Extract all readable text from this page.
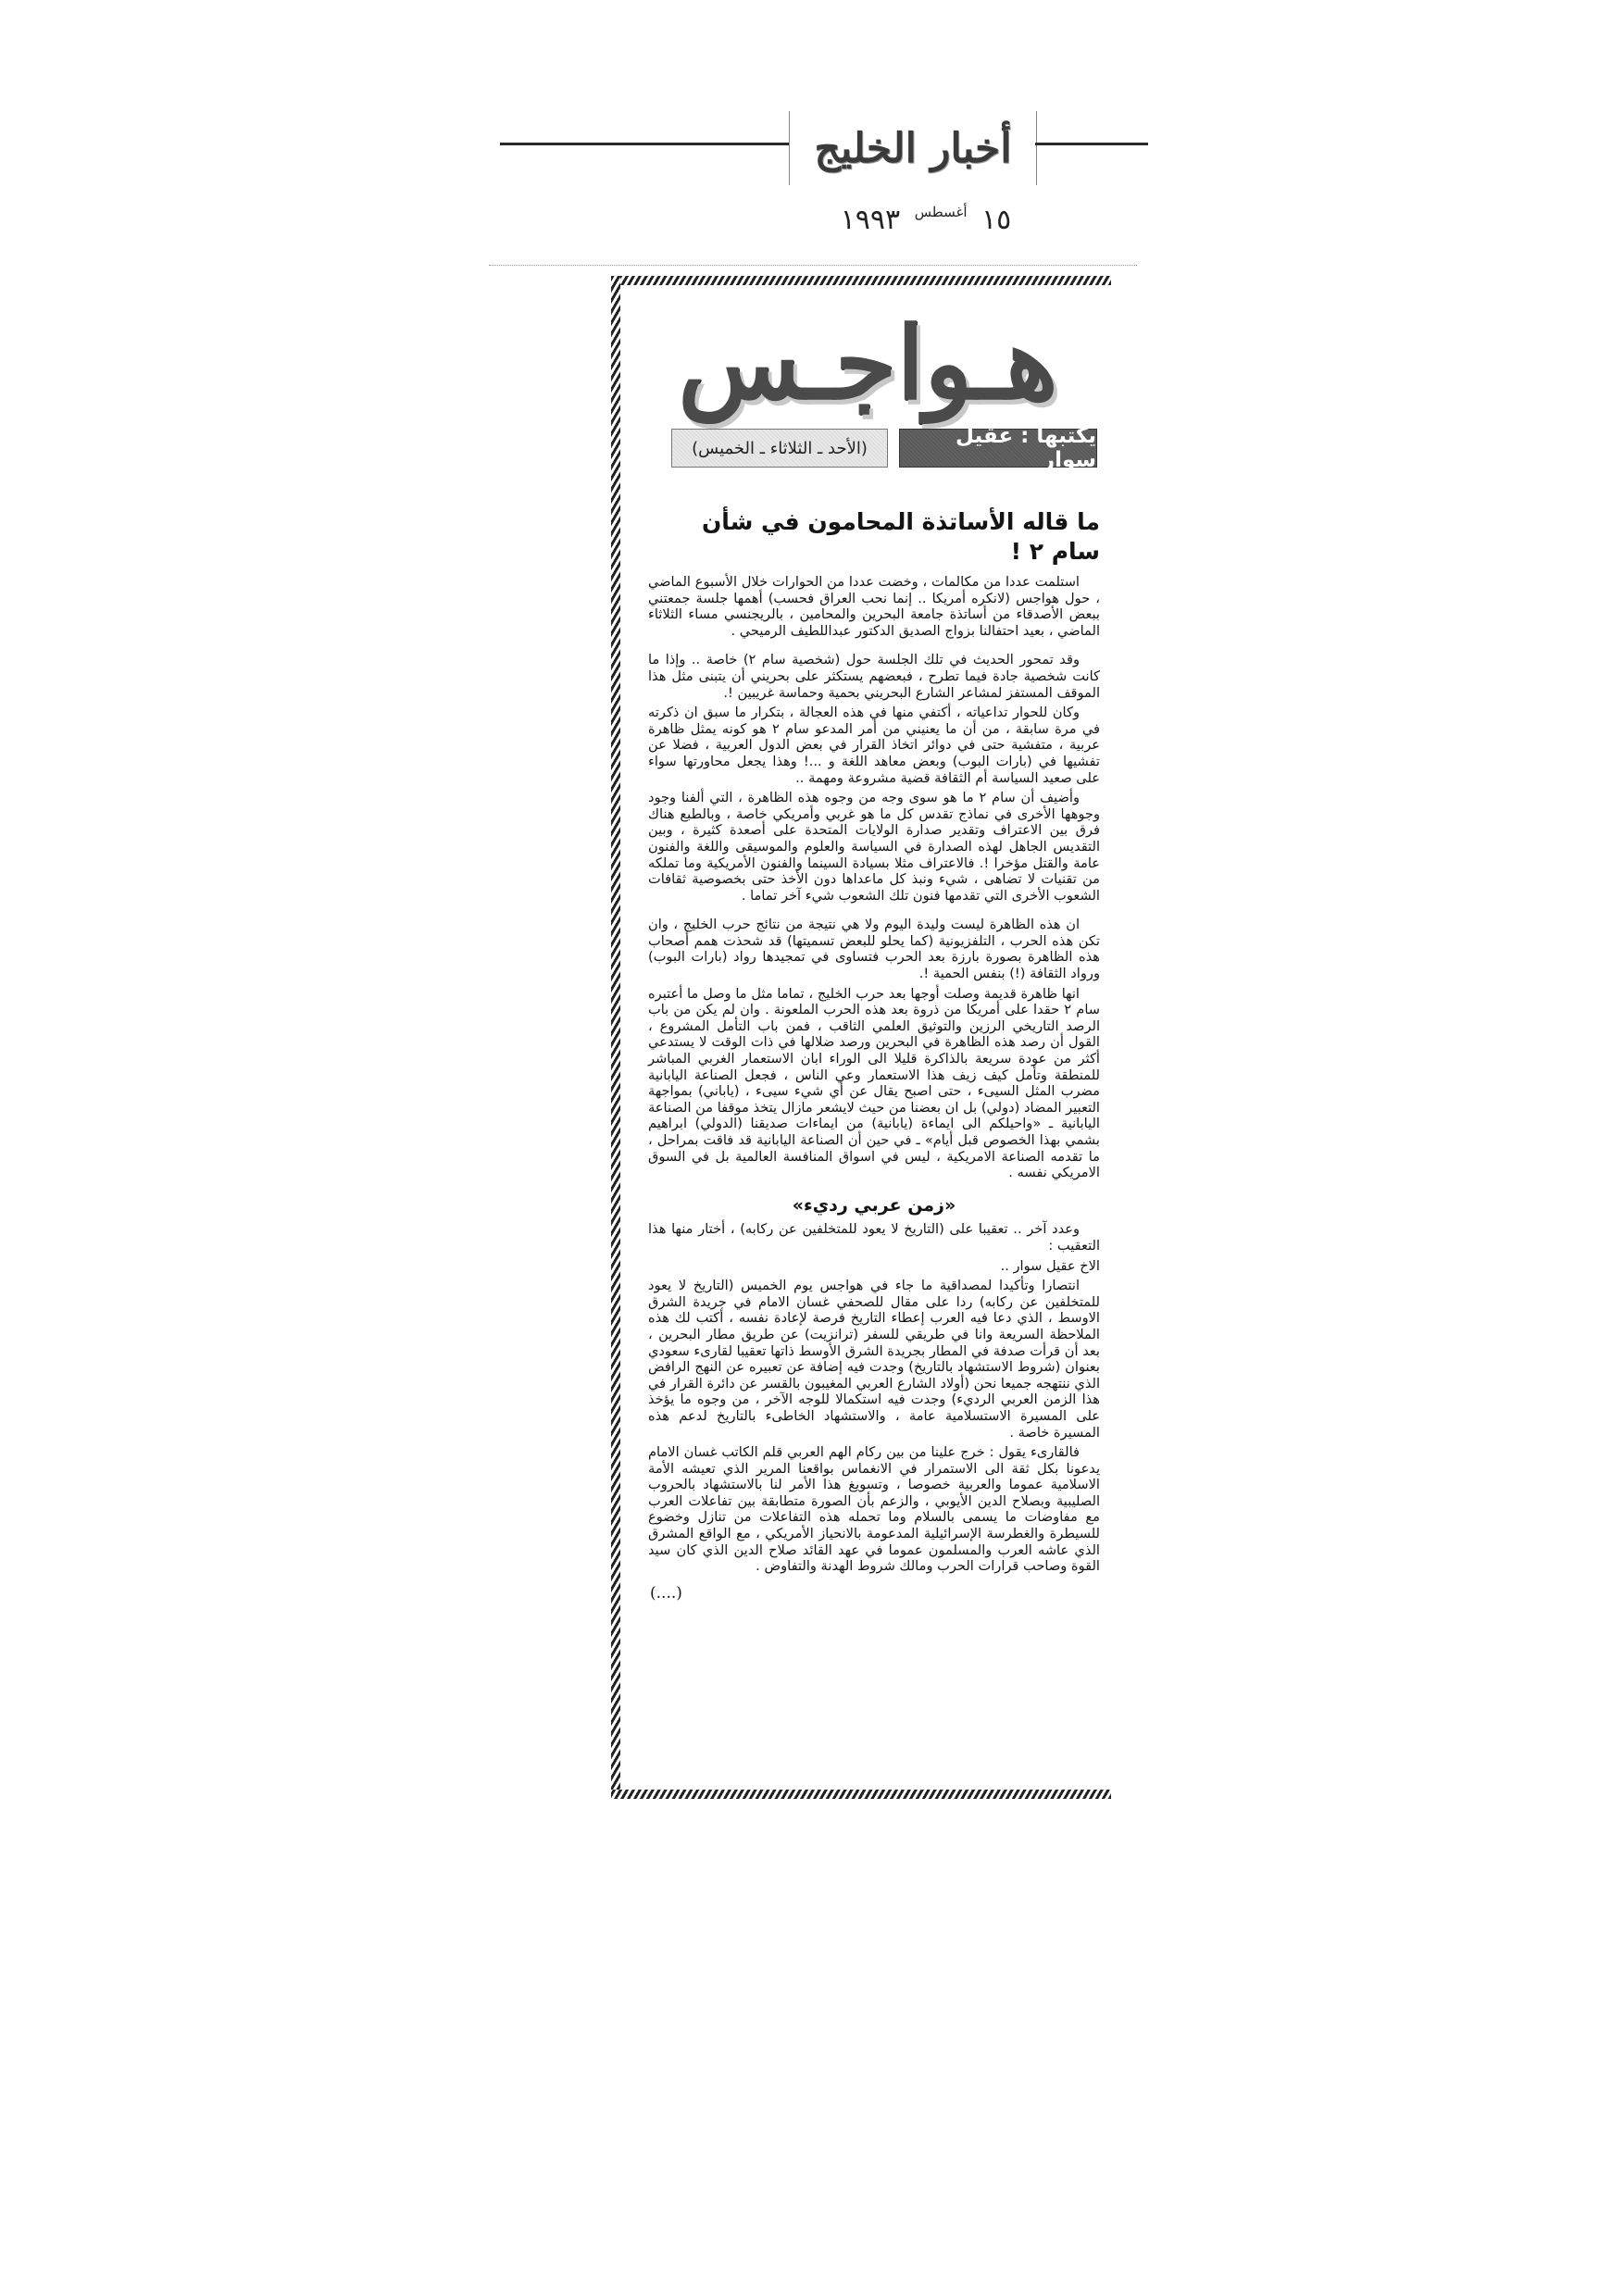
أخبار الخليج
١٥ $^{أغسطس}$ ١٩٩٣
هـواجـس
يكتبها : عقيل سوار
(الأحد ـ الثلاثاء ـ الخميس)
ما قاله الأساتذة المحامون في شأن سام ٢ !

استلمت عددا من مكالمات ، وخضت عددا من الحوارات خلال الأسبوع الماضي ، حول هواجس (لانكره أمريكا .. إنما نحب العراق فحسب) أهمها جلسة جمعتني ببعض الأصدقاء من أساتذة جامعة البحرين والمحامين ، بالريجنسي مساء الثلاثاء الماضي ، بعيد احتفالنا بزواج الصديق الدكتور عبداللطيف الرميحي .

وقد تمحور الحديث في تلك الجلسة حول (شخصية سام ٢) خاصة .. وإذا ما كانت شخصية جادة فيما تطرح ، فبعضهم يستكثر على بحريني أن يتبنى مثل هذا الموقف المستفز لمشاعر الشارع البحريني بحمية وحماسة غريبين !.

وكان للحوار تداعياته ، أكتفي منها في هذه العجالة ، بتكرار ما سبق ان ذكرته في مرة سابقة ، من أن ما يعنيني من أمر المدعو سام ٢ هو كونه يمثل ظاهرة عربية ، متفشية حتى في دوائر اتخاذ القرار في بعض الدول العربية ، فضلا عن تفشيها في (بارات البوب) وبعض معاهد اللغة و ...! وهذا يجعل محاورتها سواء على صعيد السياسة أم الثقافة قضية مشروعة ومهمة ..

وأضيف أن سام ٢ ما هو سوى وجه من وجوه هذه الظاهرة ، التي ألفنا وجود وجوهها الأخرى في نماذج تقدس كل ما هو غربي وأمريكي خاصة ، وبالطبع هناك فرق بين الاعتراف وتقدير صدارة الولايات المتحدة على أصعدة كثيرة ، وبين التقديس الجاهل لهذه الصدارة في السياسة والعلوم والموسيقى واللغة والفنون عامة والقتل مؤخرا !. فالاعتراف مثلا بسيادة السينما والفنون الأمريكية وما تملكه من تقنيات لا تضاهى ، شيء ونبذ كل ماعداها دون الأخذ حتى بخصوصية ثقافات الشعوب الأخرى التي تقدمها فنون تلك الشعوب شيء آخر تماما .

ان هذه الظاهرة ليست وليدة اليوم ولا هي نتيجة من نتائج حرب الخليج ، وان تكن هذه الحرب ، التلفزيونية (كما يحلو للبعض تسميتها) قد شحذت همم أصحاب هذه الظاهرة بصورة بارزة بعد الحرب فتساوى في تمجيدها رواد (بارات البوب) ورواد الثقافة (!) بنفس الحمية !.

انها ظاهرة قديمة وصلت أوجها بعد حرب الخليج ، تماما مثل ما وصل ما أعتبره سام ٢ حقدا على أمريكا من ذروة بعد هذه الحرب الملعونة . وان لم يكن من باب الرصد التاريخي الرزين والتوثيق العلمي الثاقب ، فمن باب التأمل المشروع ، القول أن رصد هذه الظاهرة في البحرين ورصد ضلالها في ذات الوقت لا يستدعي أكثر من عودة سريعة بالذاكرة قليلا الى الوراء ابان الاستعمار الغربي المباشر للمنطقة وتأمل كيف زيف هذا الاستعمار وعي الناس ، فجعل الصناعة اليابانية مضرب المثل السيىء ، حتى اصبح يقال عن أي شيء سيىء ، (ياباني) بمواجهة التعبير المضاد (دولي) بل ان بعضنا من حيث لايشعر مازال يتخذ موقفا من الصناعة اليابانية ـ «واحيلكم الى ايماءة (يابانية) من ايماءات صديقنا (الدولي) ابراهيم بشمي بهذا الخصوص قبل أيام» ـ في حين أن الصناعة اليابانية قد فاقت بمراحل ، ما تقدمه الصناعة الامريكية ، ليس في اسواق المنافسة العالمية بل في السوق الامريكي نفسه .

«زمن عربي رديء»

وعدد آخر .. تعقيبا على (التاريخ لا يعود للمتخلفين عن ركابه) ، أختار منها هذا التعقيب :

الاخ عقيل سوار ..

انتصارا وتأكيدا لمصداقية ما جاء في هواجس يوم الخميس (التاريخ لا يعود للمتخلفين عن ركابه) ردا على مقال للصحفي غسان الامام في جريدة الشرق الاوسط ، الذي دعا فيه العرب إعطاء التاريخ فرصة لإعادة نفسه ، أكتب لك هذه الملاحظة السريعة وانا في طريقي للسفر (ترانزيت) عن طريق مطار البحرين ، بعد أن قرأت صدفة في المطار بجريدة الشرق الأوسط ذاتها تعقيبا لقارىء سعودي بعنوان (شروط الاستشهاد بالتاريخ) وجدت فيه إضافة عن تعبيره عن النهج الرافض الذي ننتهجه جميعا نحن (أولاد الشارع العربي المغيبون بالقسر عن دائرة القرار في هذا الزمن العربي الرديء) وجدت فيه استكمالا للوجه الآخر ، من وجوه ما يؤخذ على المسيرة الاستسلامية عامة ، والاستشهاد الخاطىء بالتاريخ لدعم هذه المسيرة خاصة .

فالقارىء يقول : خرج علينا من بين ركام الهم العربي قلم الكاتب غسان الامام يدعونا بكل ثقة الى الاستمرار في الانغماس بواقعنا المرير الذي تعيشه الأمة الاسلامية عموما والعربية خصوصا ، وتسويغ هذا الأمر لنا بالاستشهاد بالحروب الصليبية وبصلاح الدين الأيوبي ، والزعم بأن الصورة متطابقة بين تفاعلات العرب مع مفاوضات ما يسمى بالسلام وما تحمله هذه التفاعلات من تنازل وخضوع للسيطرة والغطرسة الإسرائيلية المدعومة بالانحياز الأمريكي ، مع الواقع المشرق الذي عاشه العرب والمسلمون عموما في عهد القائد صلاح الدين الذي كان سيد القوة وصاحب قرارات الحرب ومالك شروط الهدنة والتفاوض .

(....)
